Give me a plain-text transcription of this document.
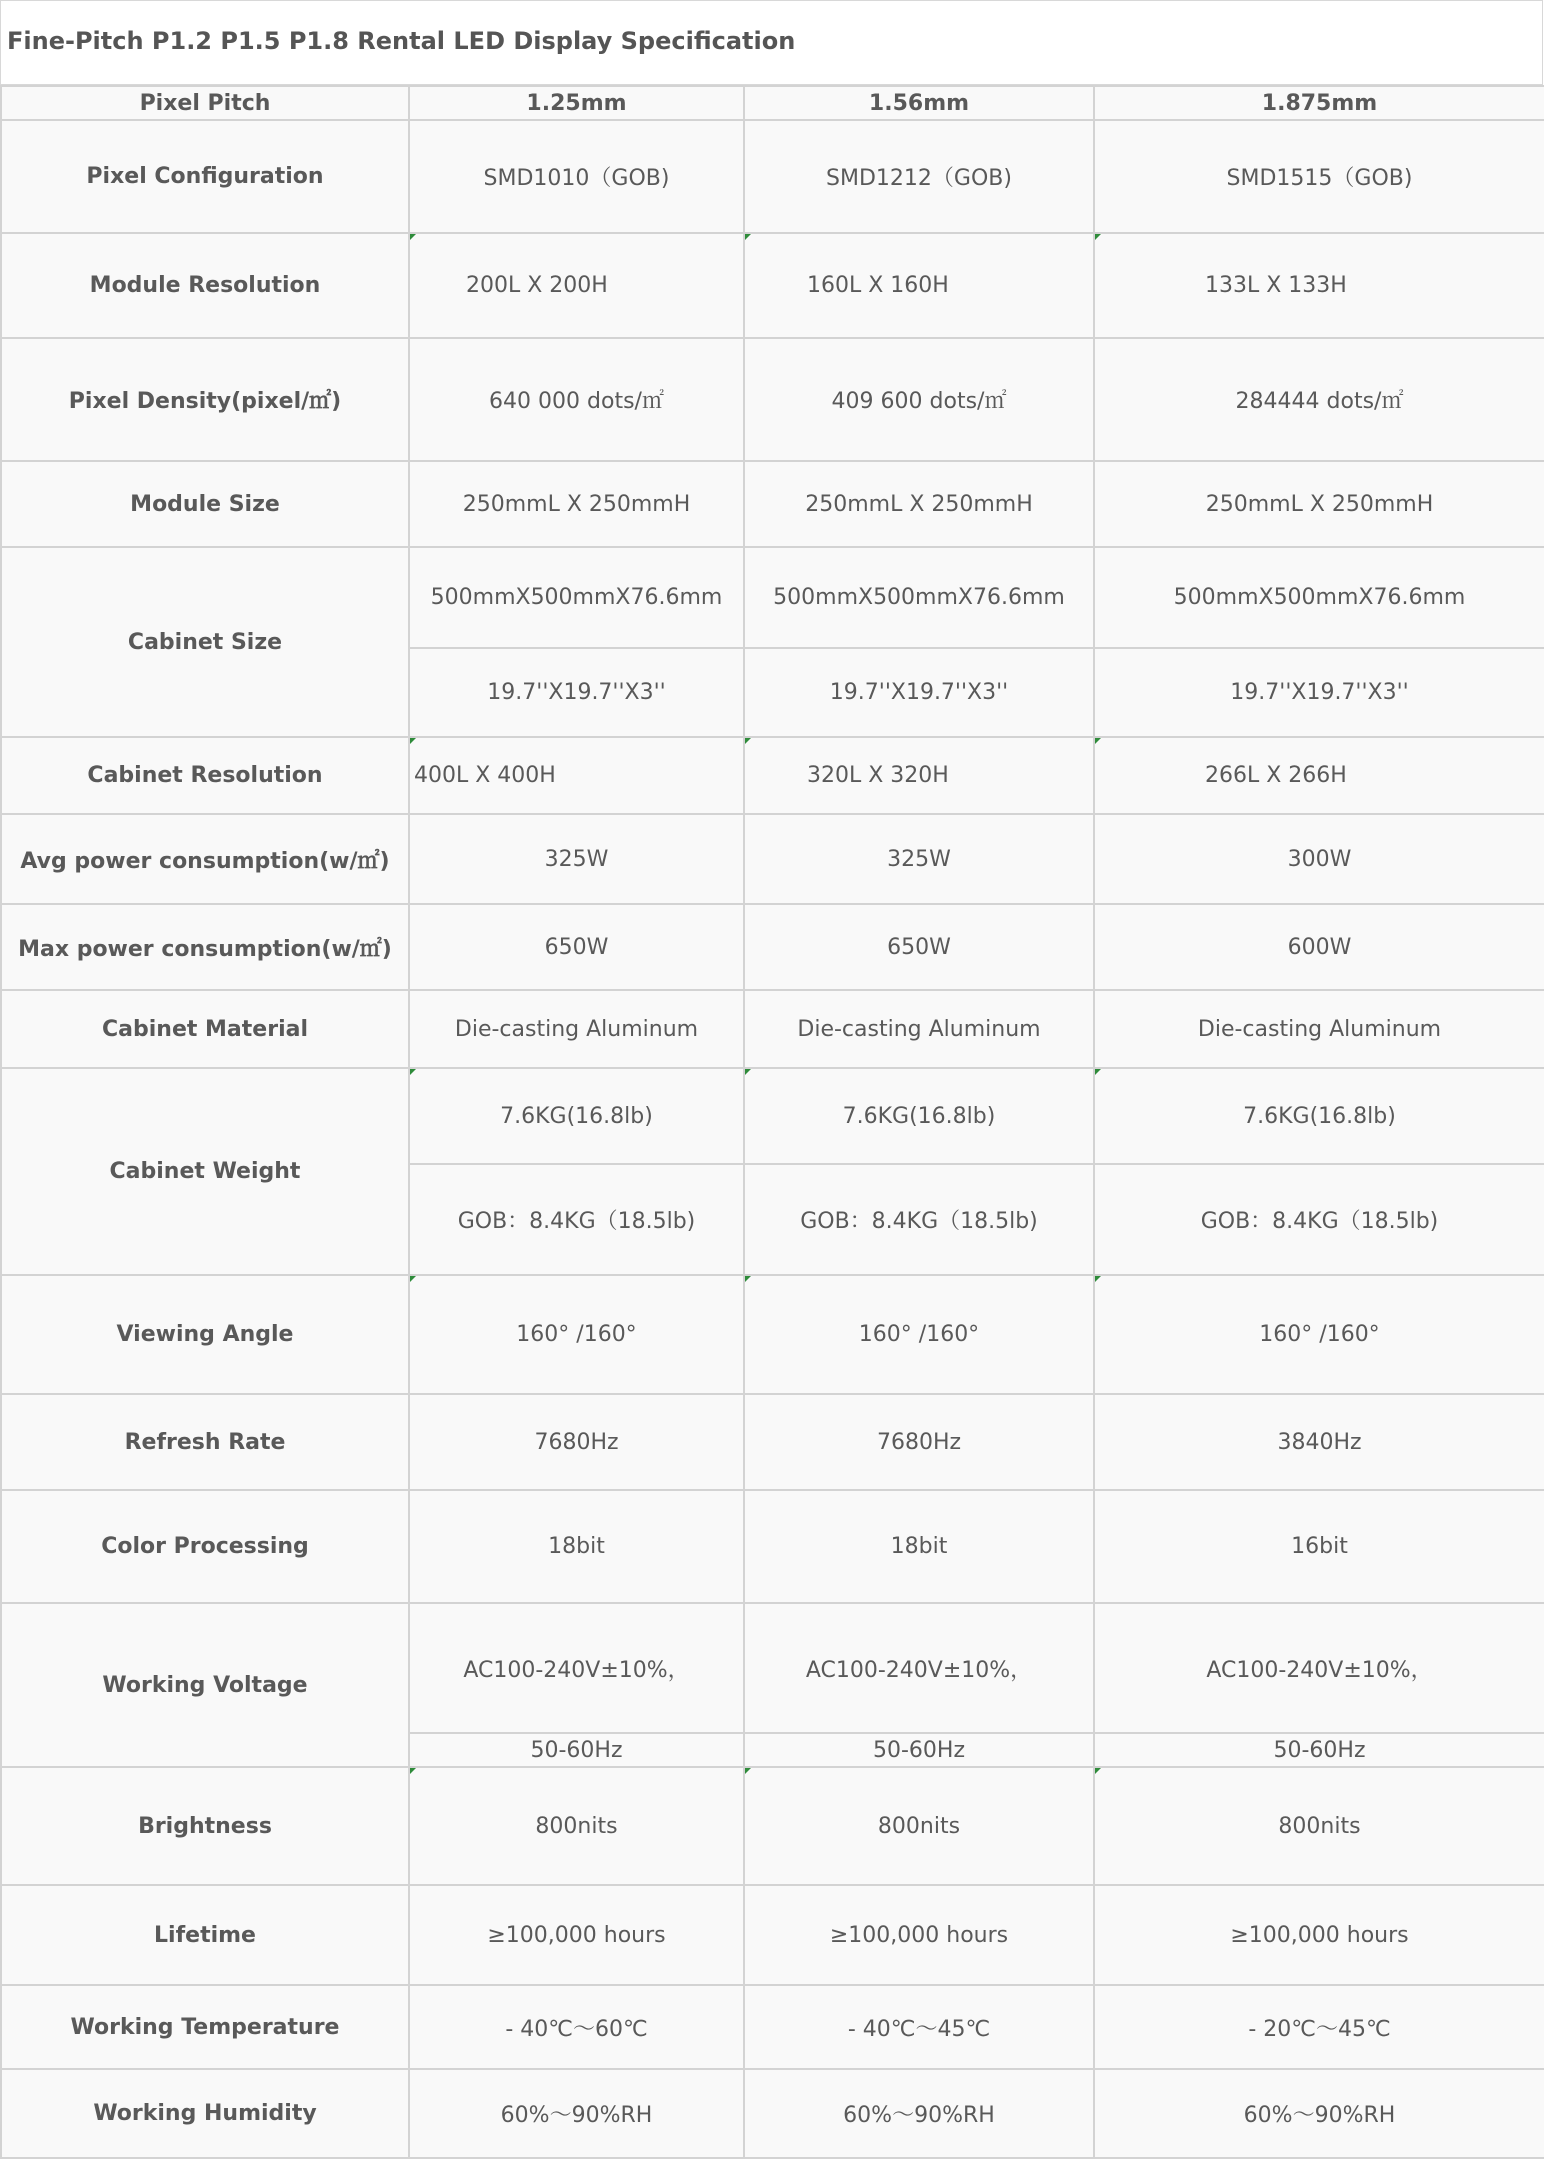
Fine-Pitch P1.2 P1.5 P1.8 Rental LED Display Specification
Pixel Pitch	1.25mm	1.56mm	1.875mm
Pixel Configuration	SMD1010（GOB)	SMD1212（GOB)	SMD1515（GOB)
Module Resolution	200L X 200H	160L X 160H	133L X 133H
Pixel Density(pixel/㎡)	640 000 dots/㎡	409 600 dots/㎡	284444 dots/㎡
Module Size	250mmL X 250mmH	250mmL X 250mmH	250mmL X 250mmH
Cabinet Size	500mmX500mmX76.6mm	500mmX500mmX76.6mm	500mmX500mmX76.6mm
	19.7''X19.7''X3''	19.7''X19.7''X3''	19.7''X19.7''X3''
Cabinet Resolution	400L X 400H	320L X 320H	266L X 266H
Avg power consumption(w/㎡)	325W	325W	300W
Max power consumption(w/㎡)	650W	650W	600W
Cabinet Material	Die-casting Aluminum	Die-casting Aluminum	Die-casting Aluminum
Cabinet Weight	7.6KG(16.8lb)	7.6KG(16.8lb)	7.6KG(16.8lb)
	GOB：8.4KG（18.5lb)	GOB：8.4KG（18.5lb)	GOB：8.4KG（18.5lb)
Viewing Angle	160° /160°	160° /160°	160° /160°
Refresh Rate	7680Hz	7680Hz	3840Hz
Color Processing	18bit	18bit	16bit
Working Voltage	AC100-240V±10%，	AC100-240V±10%，	AC100-240V±10%，
	50-60Hz	50-60Hz	50-60Hz
Brightness	800nits	800nits	800nits
Lifetime	≥100,000 hours	≥100,000 hours	≥100,000 hours
Working Temperature	- 40℃～60℃	- 40℃～45℃	- 20℃～45℃
Working Humidity	60%～90%RH	60%～90%RH	60%～90%RH
